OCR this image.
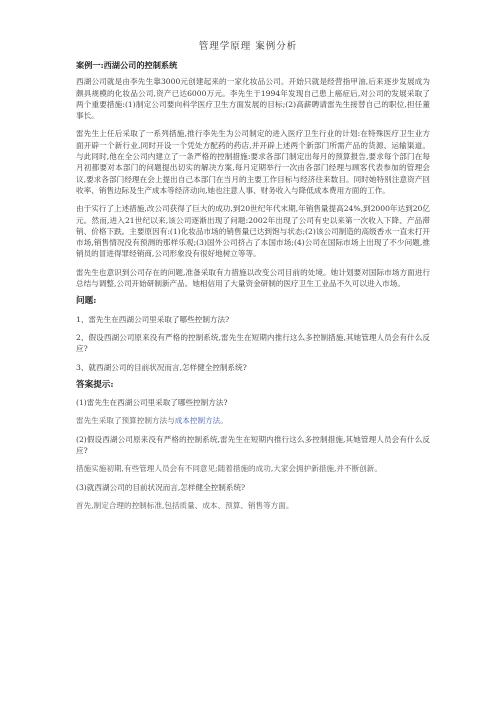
管理学原理 案例分析

案例一:西湖公司的控制系统

西湖公司就是由李先生靠3000元创建起来的一家化妆品公司。开始只就是经营指甲油,后来逐步发展成为颇具规模的化妆品公司,资产已达6000万元。李先生于1994年发现自己患上癌症后,对公司的发展采取了两个重要措施:(1)制定公司要向科学医疗卫生方面发展的目标;(2)高薪聘请雷先生接替自己的职位,担任董事长。

雷先生上任后采取了一系列措施,推行李先生为公司制定的进入医疗卫生行业的计划:在特殊医疗卫生业方面开辟一个新行业,同时开设一个凭处方配药的药店,并开辟上述两个新部门所需产品的货源、运输渠道。与此同时,他在全公司内建立了一条严格的控制措施:要求各部门制定出每月的预算报告,要求每个部门在每月初都要对本部门的问题提出切实的解决方案,每月定期举行一次由各部门经理与顾客代表参加的管理会议,要求各部门经理在会上提出自己本部门在当月的主要工作目标与经济往来数目。同时她特别注意资产回收率、销售边际及生产成本等经济动向,她也注意人事、财务收入与降低成本费用方面的工作。

由于实行了上述措施,改公司获得了巨大的成功,到20世纪年代末期,年销售量提高24%,到2000年达到20亿元。然而,进入21世纪以来,该公司逐渐出现了问题:2002年出现了公司有史以来第一次收入下降、产品滞销、价格下跌。主要原因有:(1)化妆品市场的销售量已达到饱与状态;(2)该公司制造的高级香水一直未打开市场,销售情况没有预测的那样乐观;(3)国外公司挤占了本国市场;(4)公司在国际市场上出现了不少问题,推销员的冒进得罪经销商,公司形象没有很好地树立等等。

雷先生也意识到公司存在的问题,准备采取有力措施以改变公司目前的处境。她计划要对国际市场方面进行总结与调整,公司开始研制新产品。她相信用了大量资金研制的医疗卫生工业品不久可以进入市场。

问题:

1、雷先生在西湖公司里采取了哪些控制方法?

2、假设西湖公司原来没有严格的控制系统,雷先生在短期内推行这么多控制措施,其她管理人员会有什么反应?

3、就西湖公司的目前状况而言,怎样健全控制系统?

答案提示:

(1)雷先生在西湖公司里采取了哪些控制方法?

雷先生采取了预算控制方法与成本控制方法。

(2)假设西湖公司原来没有严格的控制系统,雷先生在短期内推行这么多控制措施,其她管理人员会有什么反应?

措施实施初期,有些管理人员会有不同意见;随着措施的成功,大家会拥护新措施,并不断创新。

(3)就西湖公司的目前状况而言,怎样健全控制系统?

首先,制定合理的控制标准,包括质量、成本、预算、销售等方面。
